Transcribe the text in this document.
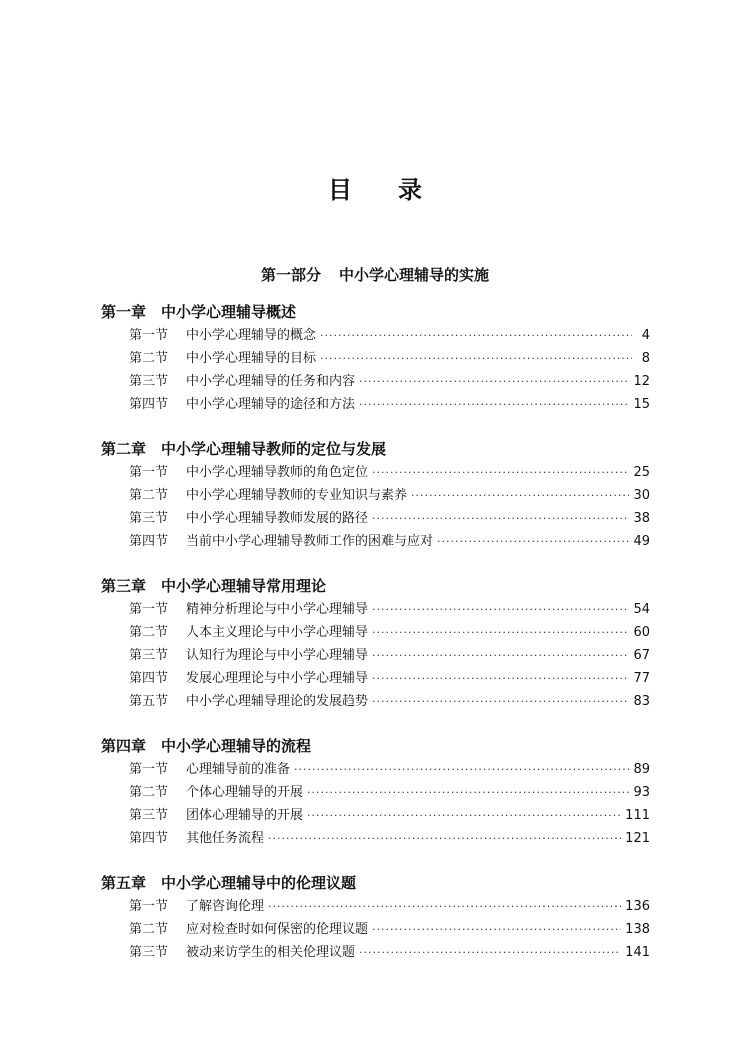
目 录
第一部分 中小学心理辅导的实施
第一章 中小学心理辅导概述
第一节	中小学心理辅导的概念 ·····	4
第二节	中小学心理辅导的目标 ·····	8
第三节	中小学心理辅导的任务和内容 ·····	12
第四节	中小学心理辅导的途径和方法 ·····	15
第二章 中小学心理辅导教师的定位与发展
第一节	中小学心理辅导教师的角色定位 ·····	25
第二节	中小学心理辅导教师的专业知识与素养 ·····	30
第三节	中小学心理辅导教师发展的路径 ·····	38
第四节	当前中小学心理辅导教师工作的困难与应对 ·····	49
第三章 中小学心理辅导常用理论
第一节	精神分析理论与中小学心理辅导 ·····	54
第二节	人本主义理论与中小学心理辅导 ·····	60
第三节	认知行为理论与中小学心理辅导 ·····	67
第四节	发展心理理论与中小学心理辅导 ·····	77
第五节	中小学心理辅导理论的发展趋势 ·····	83
第四章 中小学心理辅导的流程
第一节	心理辅导前的准备 ·····	89
第二节	个体心理辅导的开展 ·····	93
第三节	团体心理辅导的开展 ·····	111
第四节	其他任务流程 ·····	121
第五章 中小学心理辅导中的伦理议题
第一节	了解咨询伦理 ·····	136
第二节	应对检查时如何保密的伦理议题 ·····	138
第三节	被动来访学生的相关伦理议题 ·····	141
